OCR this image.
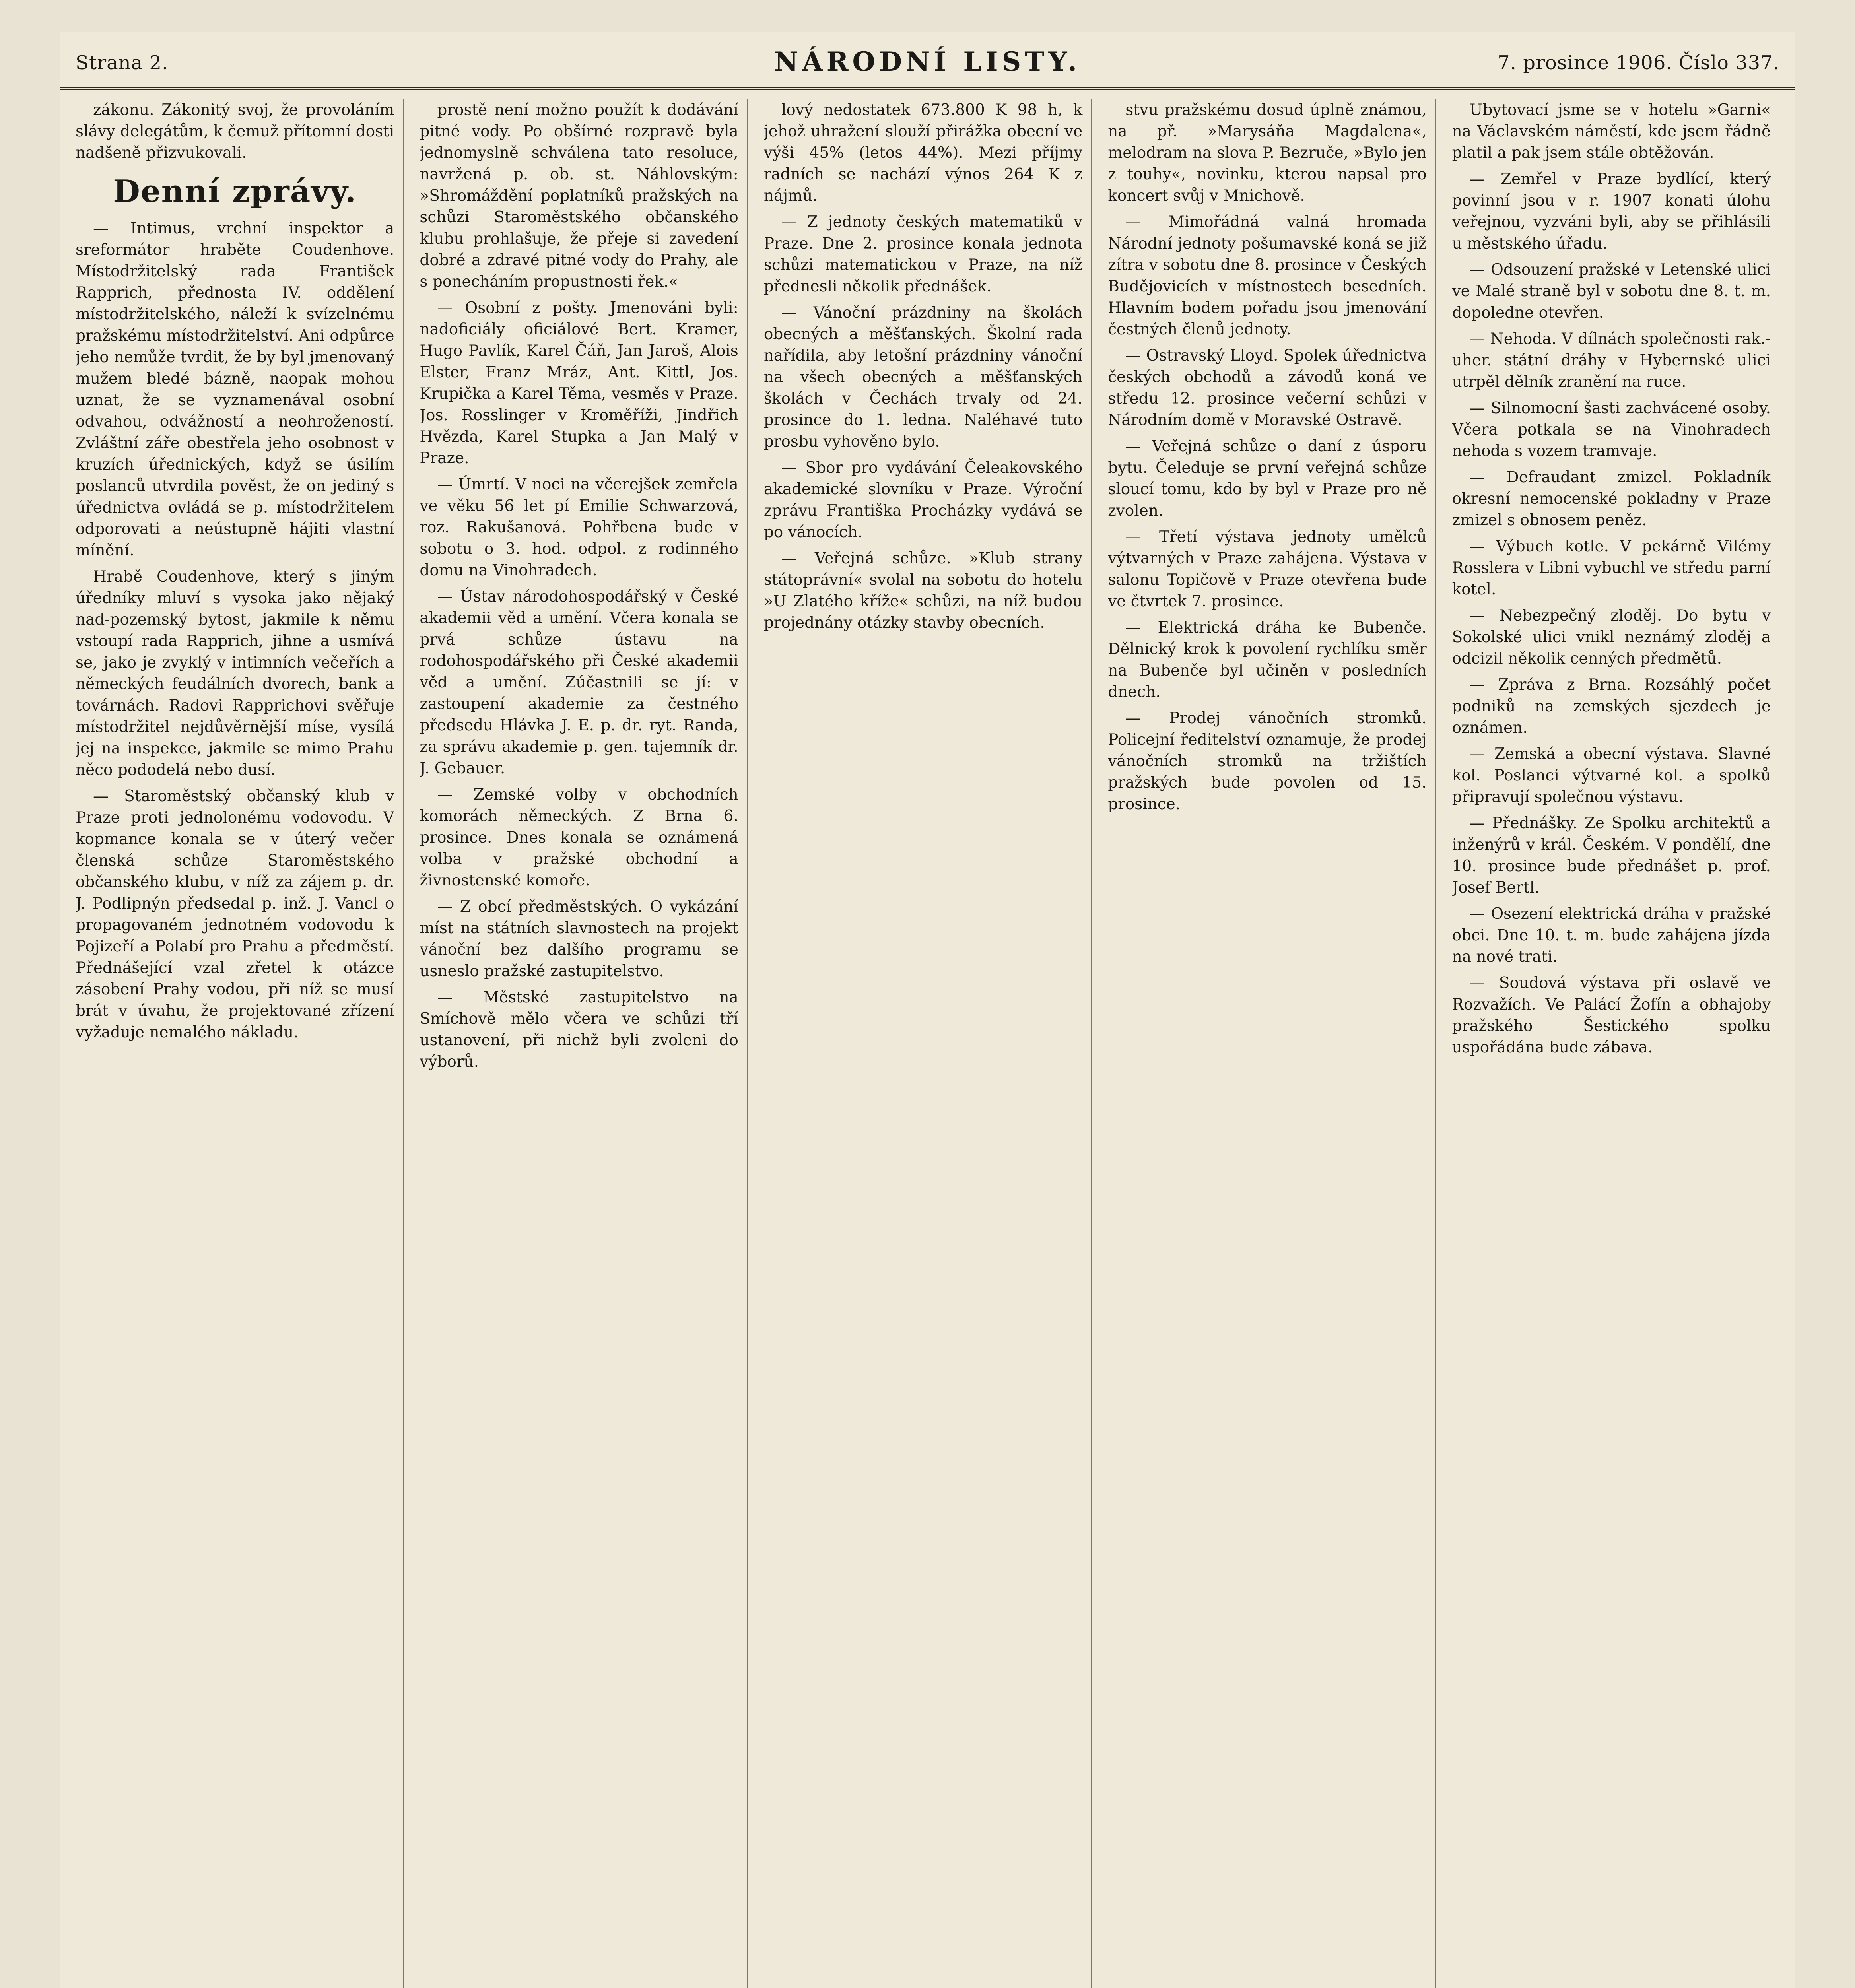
Strana 2.	NÁRODNÍ LISTY.	7. prosince 1906. Číslo 337.

zákonu. Zákonitý svoj, že provoláním slávy delegátům, k čemuž přítomní dosti nadšeně přizvukovali.

Denní zprávy.

— Intimus, vrchní inspektor a sreformátor hraběte Coudenhove. Místodržitelský rada František Rapprich, přednosta IV. oddělení místodržitelského, náleží k svízelnému pražskému místodržitelství. Ani odpůrce jeho nemůže tvrdit, že by byl jmenovaný mužem bledé bázně, naopak mohou uznat, že se vyznamenával osobní odvahou, odvážností a neohrožeností. Zvláštní záře obestřela jeho osobnost v kruzích úřednických, když se úsilím poslanců utvrdila pověst, že on jediný s úřednictva ovládá se p. místodržitelem odporovati a neústupně hájiti vlastní mínění.

Hrabě Coudenhove, který s jiným úředníky mluví s vysoka jako nějaký nad-pozemský bytost, jakmile k němu vstoupí rada Rapprich, jihne a usmívá se, jako je zvyklý v intimních večeřích a německých feudálních dvorech, bank a továrnách. Radovi Rapprichovi svěřuje místodržitel nejdůvěrnější míse, vysílá jej na inspekce, jakmile se mimo Prahu něco pododelá nebo dusí.

— Staroměstský občanský klub v Praze proti jednolonému vodovodu. V kopmance konala se v úterý večer členská schůze Staroměstského občanského klubu, v níž za zájem p. dr. J. Podlipnýn předsedal p. inž. J. Vancl o propagovaném jednotném vodovodu k Pojizeří a Polabí pro Prahu a předměstí. Přednášející vzal zřetel k otázce zásobení Prahy vodou, při níž se musí brát v úvahu, že projektované zřízení vyžaduje nemalého nákladu.

prostě není možno použít k dodávání pitné vody. Po obšírné rozpravě byla jednomyslně schválena tato resoluce, navržená p. ob. st. Náhlovským: »Shromáždění poplatníků pražských na schůzi Staroměstského občanského klubu prohlašuje, že přeje si zavedení dobré a zdravé pitné vody do Prahy, ale s ponecháním propustnosti řek.«

— Osobní z pošty. Jmenováni byli: nadoficiály oficiálové Bert. Kramer, Hugo Pavlík, Karel Čáň, Jan Jaroš, Alois Elster, Franz Mráz, Ant. Kittl, Jos. Krupička a Karel Těma, vesměs v Praze. Jos. Rosslinger v Kroměříži, Jindřich Hvězda, Karel Stupka a Jan Malý v Praze.

— Úmrtí. V noci na včerejšek zemřela ve věku 56 let pí Emilie Schwarzová, roz. Rakušanová. Pohřbena bude v sobotu o 3. hod. odpol. z rodinného domu na Vinohradech.

— Ústav národohospodářský v České akademii věd a umění. Včera konala se prvá schůze ústavu na rodohospodářského při České akademii věd a umění. Zúčastnili se jí: v zastoupení akademie za čestného předsedu Hlávka J. E. p. dr. ryt. Randa, za správu akademie p. gen. tajemník dr. J. Gebauer.

— Zemské volby v obchodních komorách německých. Z Brna 6. prosince. Dnes konala se oznámená volba v pražské obchodní a živnostenské komoře.

— Z obcí předměstských. O vykázání míst na státních slavnostech na projekt vánoční bez dalšího programu se usneslo pražské zastupitelstvo.

— Městské zastupitelstvo na Smíchově mělo včera ve schůzi tří ustanovení, při nichž byli zvoleni do výborů.

lový nedostatek 673.800 K 98 h, k jehož uhražení slouží přirážka obecní ve výši 45% (letos 44%). Mezi příjmy radních se nachází výnos 264 K z nájmů.

— Z jednoty českých matematiků v Praze. Dne 2. prosince konala jednota schůzi matematickou v Praze, na níž přednesli několik přednášek.

— Vánoční prázdniny na školách obecných a měšťanských. Školní rada nařídila, aby letošní prázdniny vánoční na všech obecných a měšťanských školách v Čechách trvaly od 24. prosince do 1. ledna. Naléhavé tuto prosbu vyhověno bylo.

— Sbor pro vydávání Čeleakovského akademické slovníku v Praze. Výroční zprávu Františka Procházky vydává se po vánocích.

— Veřejná schůze. »Klub strany státoprávní« svolal na sobotu do hotelu »U Zlatého kříže« schůzi, na níž budou projednány otázky stavby obecních.

stvu pražskému dosud úplně známou, na př. »Marysáňa Magdalena«, melodram na slova P. Bezruče, »Bylo jen z touhy«, novinku, kterou napsal pro koncert svůj v Mnichově.

— Mimořádná valná hromada Národní jednoty pošumavské koná se již zítra v sobotu dne 8. prosince v Českých Budějovicích v místnostech besedních. Hlavním bodem pořadu jsou jmenování čestných členů jednoty.

— Ostravský Lloyd. Spolek úřednictva českých obchodů a závodů koná ve středu 12. prosince večerní schůzi v Národním domě v Moravské Ostravě.

— Veřejná schůze o daní z úsporu bytu. Čeleduje se první veřejná schůze sloucí tomu, kdo by byl v Praze pro ně zvolen.

— Třetí výstava jednoty umělců výtvarných v Praze zahájena. Výstava v salonu Topičově v Praze otevřena bude ve čtvrtek 7. prosince.

— Elektrická dráha ke Bubenče. Dělnický krok k povolení rychlíku směr na Bubenče byl učiněn v posledních dnech.

— Prodej vánočních stromků. Policejní ředitelství oznamuje, že prodej vánočních stromků na tržištích pražských bude povolen od 15. prosince.

Ubytovací jsme se v hotelu »Garni« na Václavském náměstí, kde jsem řádně platil a pak jsem stále obtěžován.

— Zemřel v Praze bydlící, který povinní jsou v r. 1907 konati úlohu veřejnou, vyzváni byli, aby se přihlásili u městského úřadu.

— Odsouzení pražské v Letenské ulici ve Malé straně byl v sobotu dne 8. t. m. dopoledne otevřen.

— Nehoda. V dílnách společnosti rak.-uher. státní dráhy v Hybernské ulici utrpěl dělník zranění na ruce.

— Silnomocní šasti zachvácené osoby. Včera potkala se na Vinohradech nehoda s vozem tramvaje.

— Defraudant zmizel. Pokladník okresní nemocenské pokladny v Praze zmizel s obnosem peněz.

— Výbuch kotle. V pekárně Vilémy Rosslera v Libni vybuchl ve středu parní kotel.

— Nebezpečný zloděj. Do bytu v Sokolské ulici vnikl neznámý zloděj a odcizil několik cenných předmětů.

— Zpráva z Brna. Rozsáhlý počet podniků na zemských sjezdech je oznámen.

— Zemská a obecní výstava. Slavné kol. Poslanci výtvarné kol. a spolků připravují společnou výstavu.

— Přednášky. Ze Spolku architektů a inženýrů v král. Českém. V pondělí, dne 10. prosince bude přednášet p. prof. Josef Bertl.

— Osezení elektrická dráha v pražské obci. Dne 10. t. m. bude zahájena jízda na nové trati.

— Soudová výstava při oslavě ve Rozvažích. Ve Palácí Žofín a obhajoby pražského Šestického spolku uspořádána bude zábava.
